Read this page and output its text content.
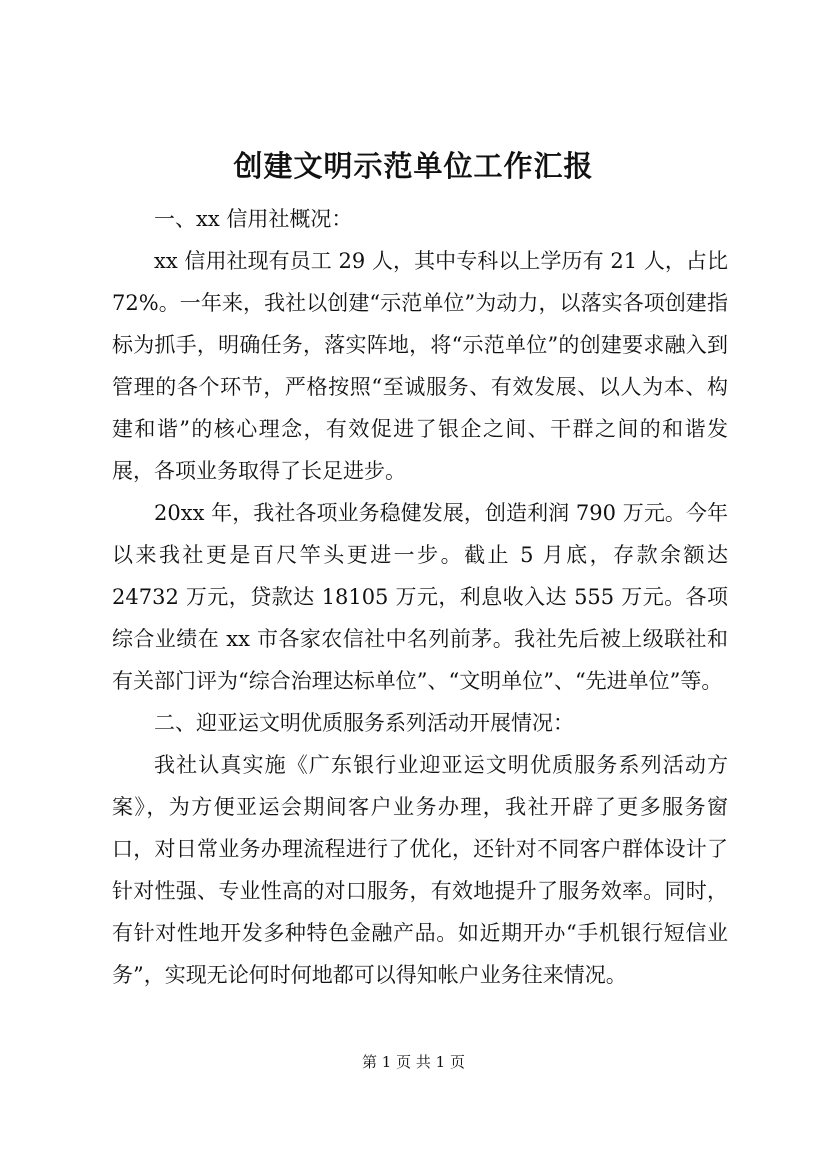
创建文明示范单位工作汇报

一、xx 信用社概况：

xx 信用社现有员工 29 人，其中专科以上学历有 21 人，占比 72%。一年来，我社以创建“示范单位”为动力，以落实各项创建指标为抓手，明确任务，落实阵地，将“示范单位”的创建要求融入到管理的各个环节，严格按照“至诚服务、有效发展、以人为本、构建和谐”的核心理念，有效促进了银企之间、干群之间的和谐发展，各项业务取得了长足进步。

20xx 年，我社各项业务稳健发展，创造利润 790 万元。今年以来我社更是百尺竿头更进一步。截止 5 月底，存款余额达 24732 万元，贷款达 18105 万元，利息收入达 555 万元。各项综合业绩在 xx 市各家农信社中名列前茅。我社先后被上级联社和有关部门评为“综合治理达标单位”、“文明单位”、“先进单位”等。

二、迎亚运文明优质服务系列活动开展情况：

我社认真实施《广东银行业迎亚运文明优质服务系列活动方案》，为方便亚运会期间客户业务办理，我社开辟了更多服务窗口，对日常业务办理流程进行了优化，还针对不同客户群体设计了针对性强、专业性高的对口服务，有效地提升了服务效率。同时，有针对性地开发多种特色金融产品。如近期开办“手机银行短信业务”，实现无论何时何地都可以得知帐户业务往来情况。

第 1 页 共 1 页
